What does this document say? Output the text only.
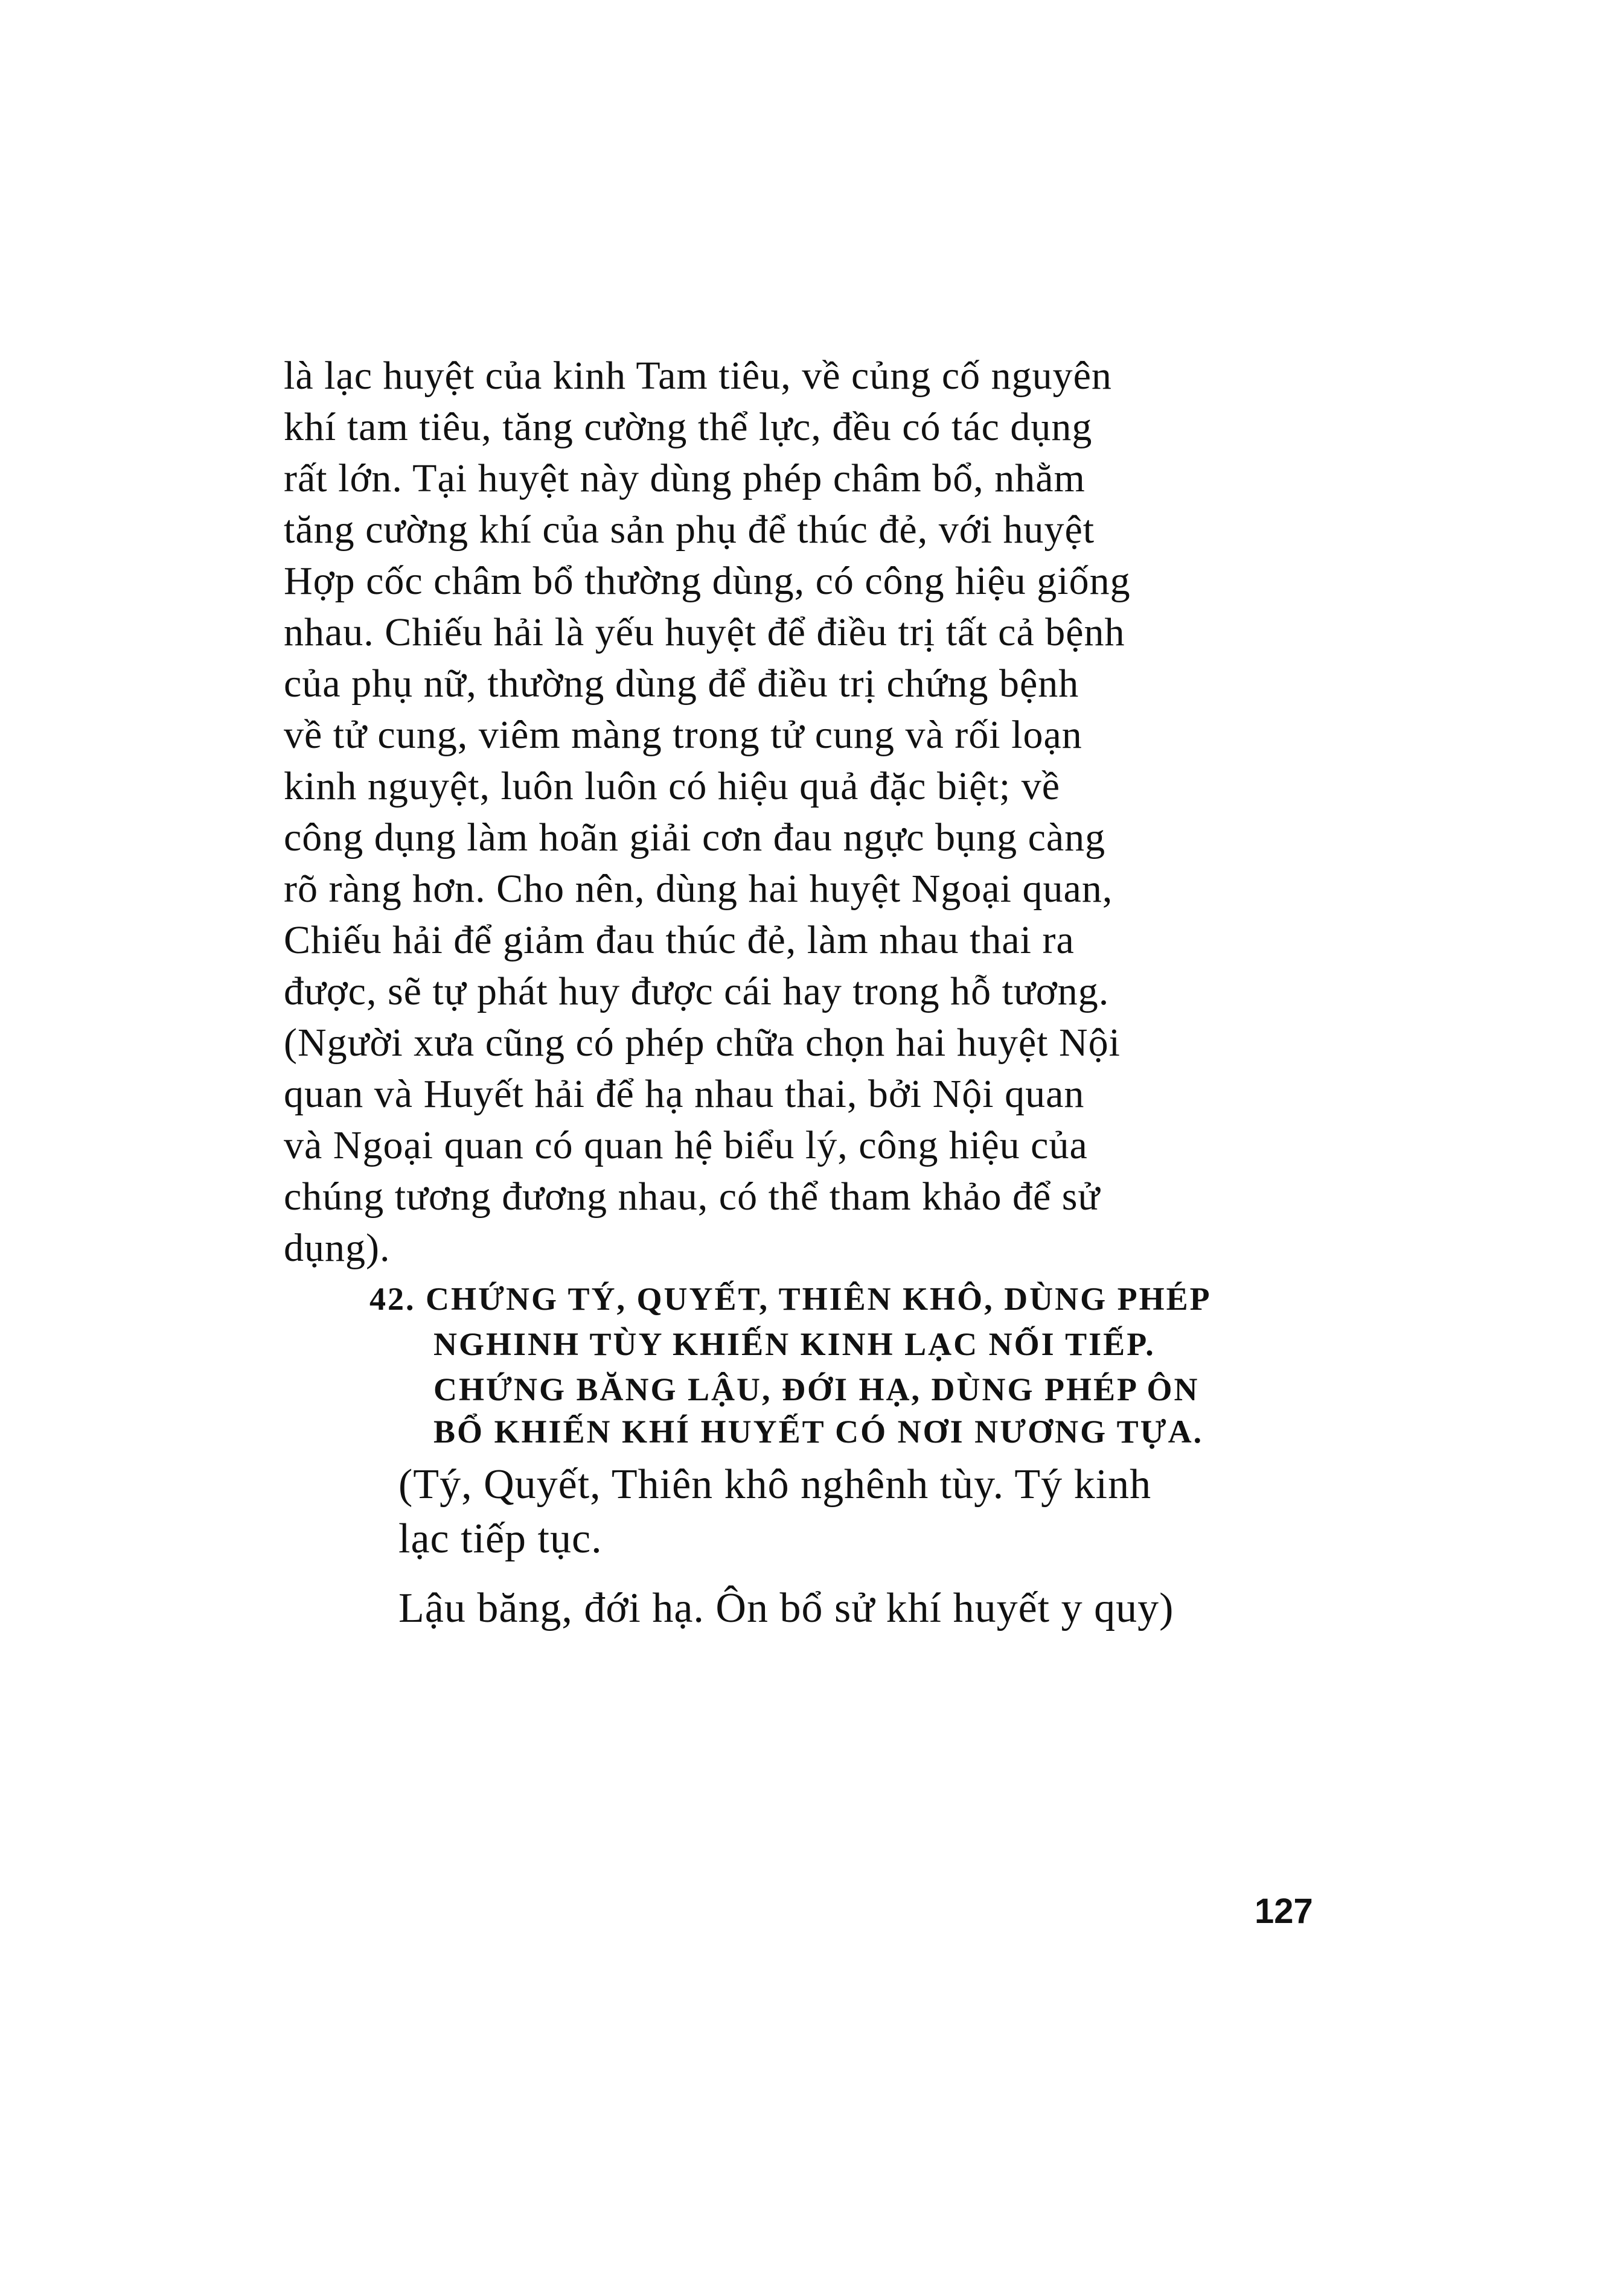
là lạc huyệt của kinh Tam tiêu, về củng cố nguyên
khí tam tiêu, tăng cường thể lực, đều có tác dụng
rất lớn. Tại huyệt này dùng phép châm bổ, nhằm
tăng cường khí của sản phụ để thúc đẻ, với huyệt
Hợp cốc châm bổ thường dùng, có công hiệu giống
nhau. Chiếu hải là yếu huyệt để điều trị tất cả bệnh
của phụ nữ, thường dùng để điều trị chứng bệnh
về tử cung, viêm màng trong tử cung và rối loạn
kinh nguyệt, luôn luôn có hiệu quả đặc biệt; về
công dụng làm hoãn giải cơn đau ngực bụng càng
rõ ràng hơn. Cho nên, dùng hai huyệt Ngoại quan,
Chiếu hải để giảm đau thúc đẻ, làm nhau thai ra
được, sẽ tự phát huy được cái hay trong hỗ tương.
(Người xưa cũng có phép chữa chọn hai huyệt Nội
quan và Huyết hải để hạ nhau thai, bởi Nội quan
và Ngoại quan có quan hệ biểu lý, công hiệu của
chúng tương đương nhau, có thể tham khảo để sử
dụng).
42. CHỨNG TÝ, QUYẾT, THIÊN KHÔ, DÙNG PHÉP
NGHINH TÙY KHIẾN KINH LẠC NỐI TIẾP.
CHỨNG BĂNG LẬU, ĐỚI HẠ, DÙNG PHÉP ÔN
BỔ KHIẾN KHÍ HUYẾT CÓ NƠI NƯƠNG TỰA.
(Tý, Quyết, Thiên khô nghênh tùy. Tý kinh
lạc tiếp tục.
Lậu băng, đới hạ. Ôn bổ sử khí huyết y quy)
127
